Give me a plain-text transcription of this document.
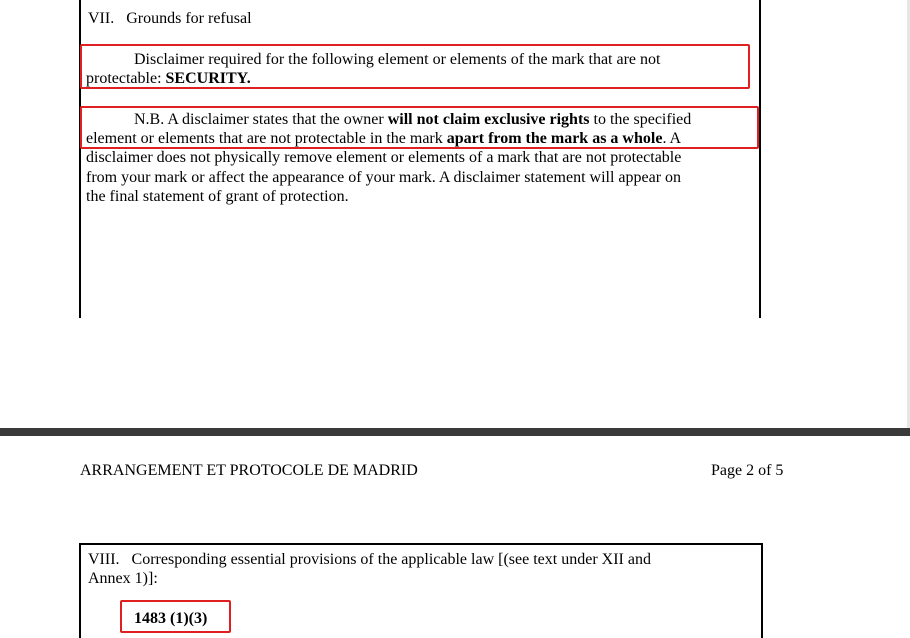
VII. Grounds for refusal
Disclaimer required for the following element or elements of the mark that are not
protectable: SECURITY.
N.B. A disclaimer states that the owner will not claim exclusive rights to the specified
element or elements that are not protectable in the mark apart from the mark as a whole. A
disclaimer does not physically remove element or elements of a mark that are not protectable
from your mark or affect the appearance of your mark. A disclaimer statement will appear on
the final statement of grant of protection.
ARRANGEMENT ET PROTOCOLE DE MADRID	Page 2 of 5
VIII. Corresponding essential provisions of the applicable law [(see text under XII and
Annex 1)]:
1483 (1)(3)
